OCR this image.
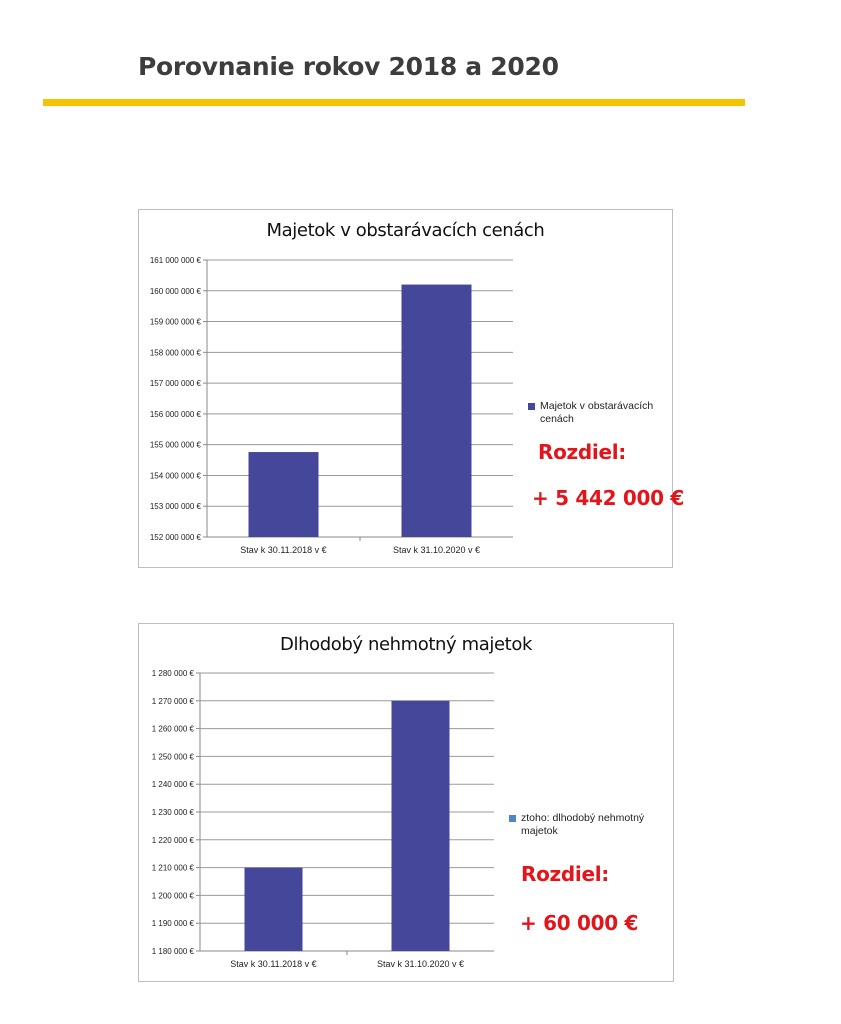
Porovnanie rokov 2018 a 2020
Majetok v obstarávacích cenách
152 000 000 €
153 000 000 €
154 000 000 €
155 000 000 €
156 000 000 €
157 000 000 €
158 000 000 €
159 000 000 €
160 000 000 €
161 000 000 €
Stav k 30.11.2018 v €	Stav k 31.10.2020 v €
Majetok v obstarávacích cenách

Rozdiel:

+ 5 442 000 €

Dlhodobý nehmotný majetok
1 180 000 €
1 190 000 €
1 200 000 €
1 210 000 €
1 220 000 €
1 230 000 €
1 240 000 €
1 250 000 €
1 260 000 €
1 270 000 €
1 280 000 €
Stav k 30.11.2018 v €	Stav k 31.10.2020 v €
ztoho: dlhodobý nehmotný majetok

Rozdiel:

+ 60 000 €
